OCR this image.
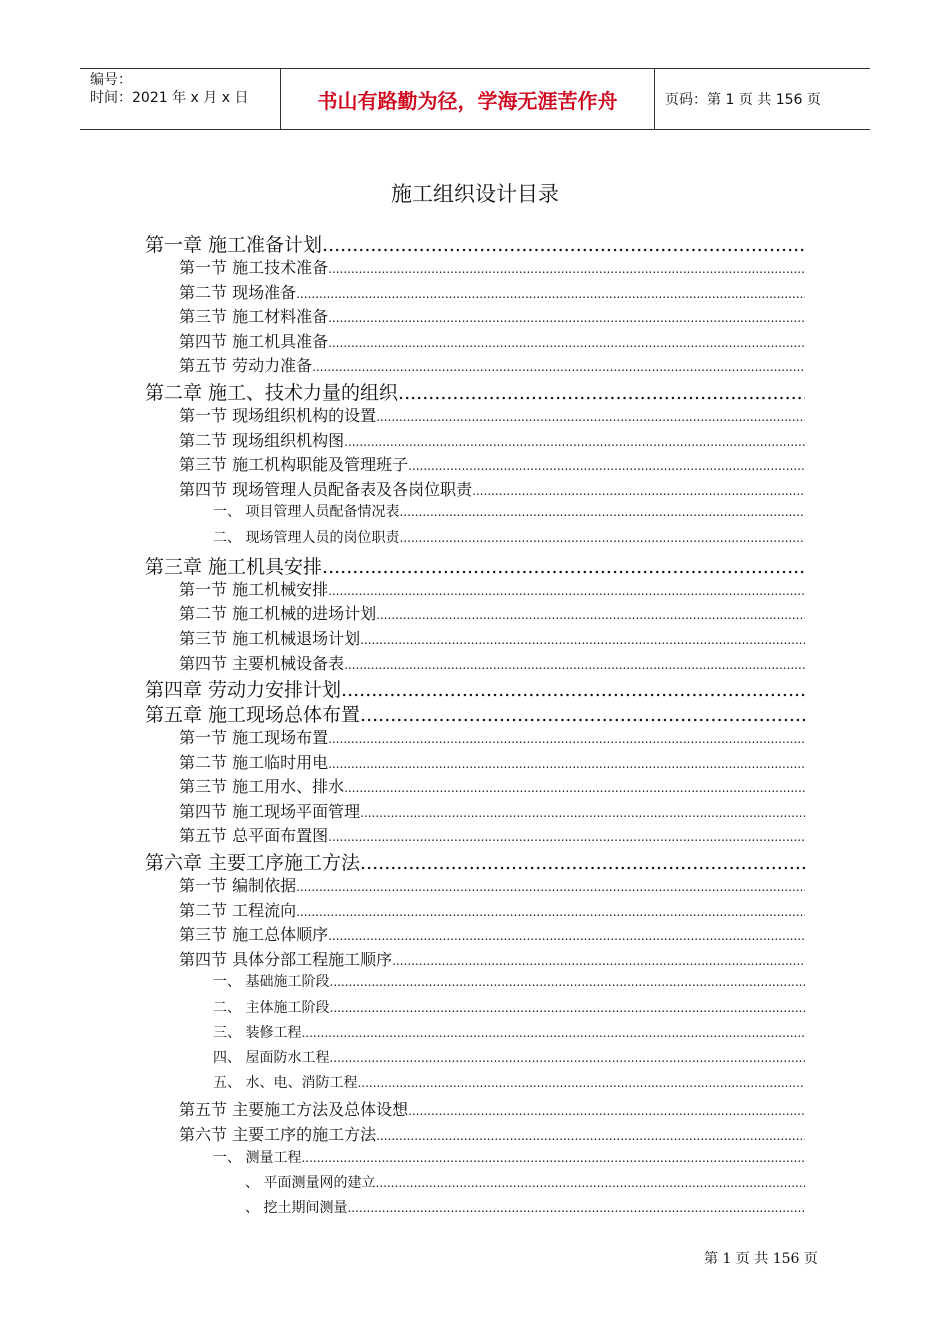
编号：
时间：2021 年 x 月 x 日	书山有路勤为径，学海无涯苦作舟	页码：第 1 页 共 156 页
施工组织设计目录
第一章 施工准备计划
.....
第一节 施工技术准备
.....
第二节 现场准备
.....
第三节 施工材料准备
.....
第四节 施工机具准备
.....
第五节 劳动力准备
.....
第二章 施工、技术力量的组织
.....
第一节 现场组织机构的设置
.....
第二节 现场组织机构图
.....
第三节 施工机构职能及管理班子
.....
第四节 现场管理人员配备表及各岗位职责
.....
一、 项目管理人员配备情况表
.....
二、 现场管理人员的岗位职责
.....
第三章 施工机具安排
.....
第一节 施工机械安排
.....
第二节 施工机械的进场计划
.....
第三节 施工机械退场计划
.....
第四节 主要机械设备表
.....
第四章 劳动力安排计划
.....
第五章 施工现场总体布置
.....
第一节 施工现场布置
.....
第二节 施工临时用电
.....
第三节 施工用水、排水
.....
第四节 施工现场平面管理
.....
第五节 总平面布置图
.....
第六章 主要工序施工方法
.....
第一节 编制依据
.....
第二节 工程流向
.....
第三节 施工总体顺序
.....
第四节 具体分部工程施工顺序
.....
一、 基础施工阶段
.....
二、 主体施工阶段
.....
三、 装修工程
.....
四、 屋面防水工程
.....
五、 水、电、消防工程
.....
第五节 主要施工方法及总体设想
.....
第六节 主要工序的施工方法
.....
一、 测量工程
.....
、 平面测量网的建立
.....
、 挖土期间测量
.....
第 1 页 共 156 页
